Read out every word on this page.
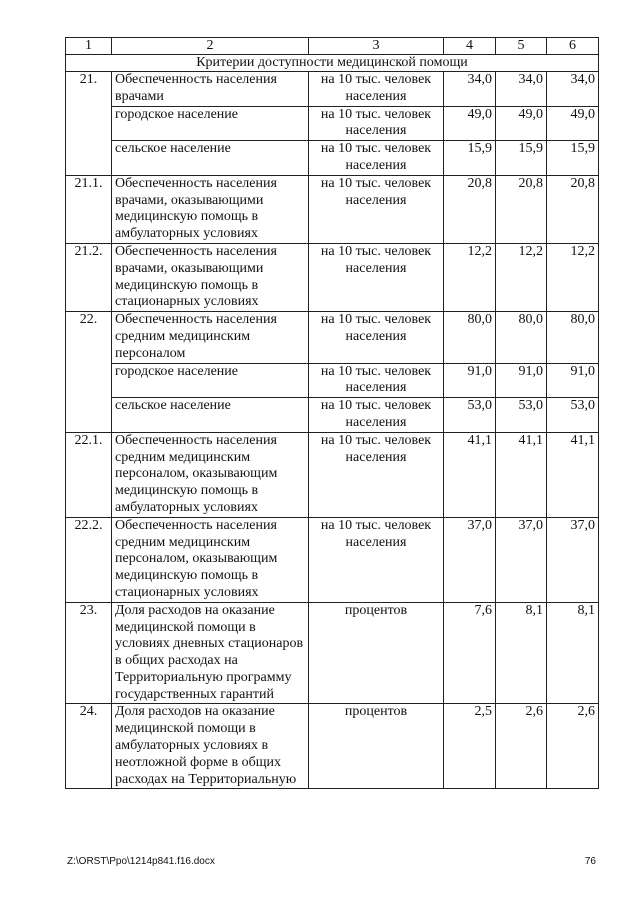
1	2	3	4	5	6
Критерии доступности медицинской помощи					
21.	Обеспеченность населения врачами	на 10 тыс. человек населения	34,0	34,0	34,0
	городское население	на 10 тыс. человек населения	49,0	49,0	49,0
	сельское население	на 10 тыс. человек населения	15,9	15,9	15,9
21.1.	Обеспеченность населения врачами, оказывающими медицинскую помощь в амбулаторных условиях	на 10 тыс. человек населения	20,8	20,8	20,8
21.2.	Обеспеченность населения врачами, оказывающими медицинскую помощь в стационарных условиях	на 10 тыс. человек населения	12,2	12,2	12,2
22.	Обеспеченность населения средним медицинским персоналом	на 10 тыс. человек населения	80,0	80,0	80,0
	городское население	на 10 тыс. человек населения	91,0	91,0	91,0
	сельское население	на 10 тыс. человек населения	53,0	53,0	53,0
22.1.	Обеспеченность населения средним медицинским персоналом, оказывающим медицинскую помощь в амбулаторных условиях	на 10 тыс. человек населения	41,1	41,1	41,1
22.2.	Обеспеченность населения средним медицинским персоналом, оказывающим медицинскую помощь в стационарных условиях	на 10 тыс. человек населения	37,0	37,0	37,0
23.	Доля расходов на оказание медицинской помощи в условиях дневных стационаров в общих расходах на Территориальную программу государственных гарантий	процентов	7,6	8,1	8,1
24.	Доля расходов на оказание медицинской помощи в амбулаторных условиях в неотложной форме в общих расходах на Территориальную	процентов	2,5	2,6	2,6
Z:\ORST\Ppo\1214p841.f16.docx	76
